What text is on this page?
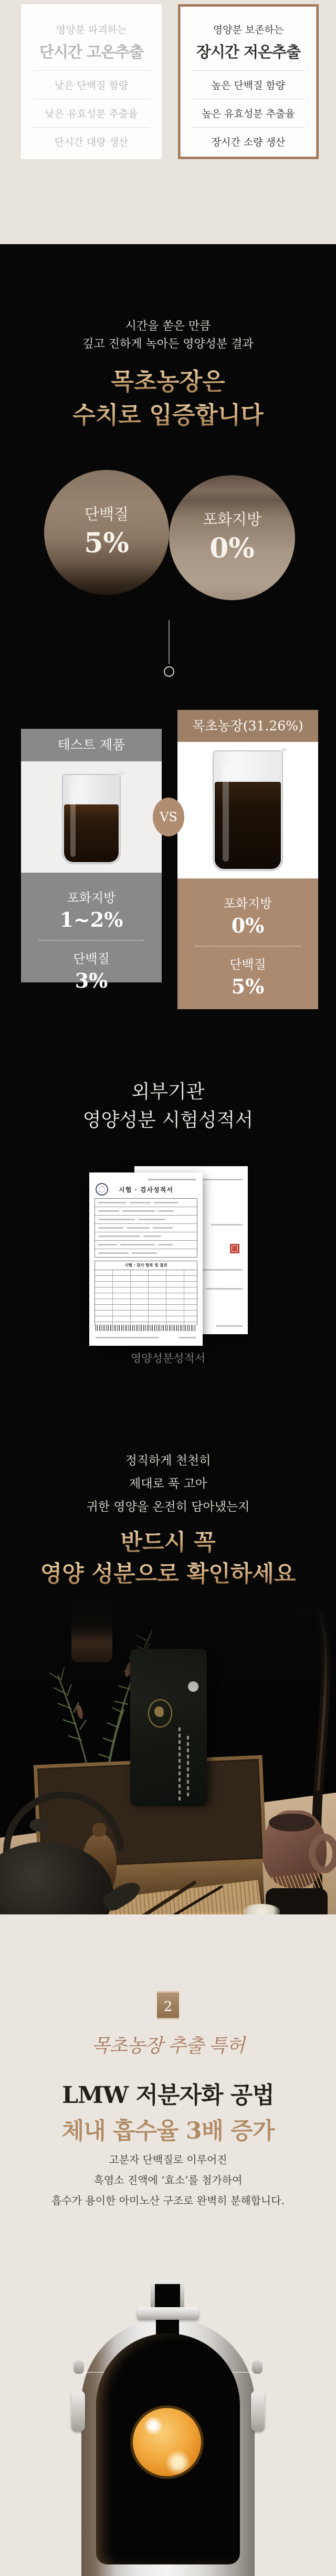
영양분 파괴하는
단시간 고온추출
낮은 단백질 함량
낮은 유효성분 추출율
단시간 대량 생산
영양분 보존하는
장시간 저온추출
높은 단백질 함량
높은 유효성분 추출율
장시간 소량 생산

시간을 쏟은 만큼

깊고 진하게 녹아든 영양성분 결과

목초농장은
수치로 입증합니다
단백질
5%
포화지방
0%
테스트 제품
포화지방
1~2%
단백질
3%
목초농장(31.26%)
포화지방
0%
단백질
5%
VS
외부기관
영양성분 시험성적서
시험 · 검사성적서
시험 · 검사 항목 및 결과
영양성분성적서

정직하게 천천히

제대로 푹 고아

귀한 영양을 온전히 담아냈는지

반드시 꼭
영양 성분으로 확인하세요
2
목초농장 추출 특허
LMW 저분자화 공법
체내 흡수율 3배 증가
고분자 단백질로 이루어진
흑염소 진액에 ‘효소’를 첨가하여
흡수가 용이한 아미노산 구조로 완벽히 분해합니다.
